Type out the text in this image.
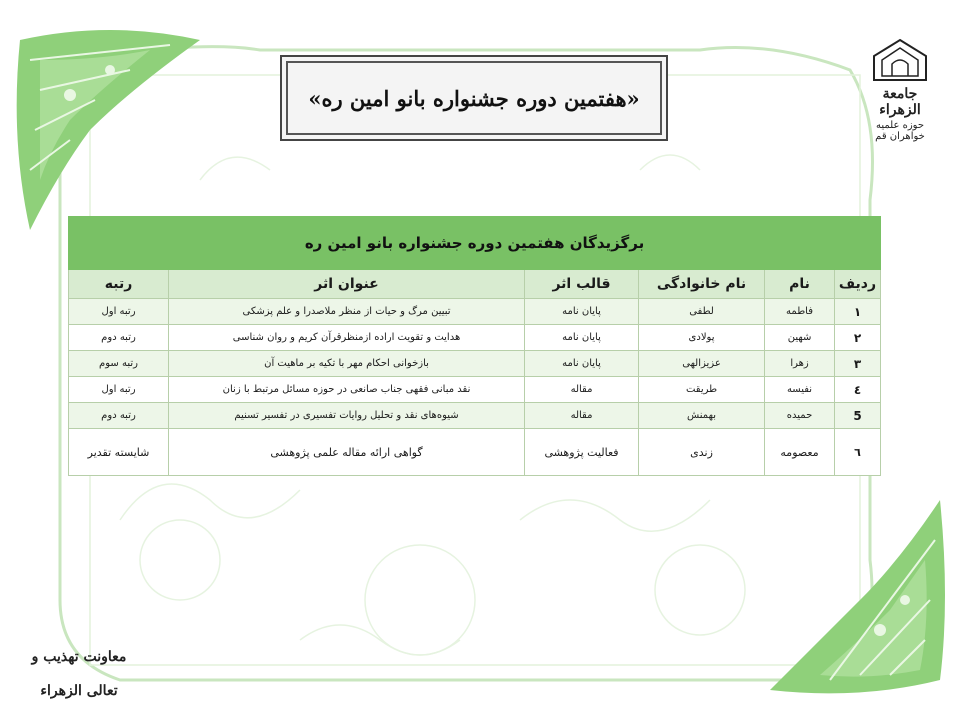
جامعة
الزهراء
حوزه علمیه خواهران قم
«هفتمین دوره جشنواره بانو امین ره»
برگزیدگان هفتمین دوره جشنواره بانو امین ره					
ردیف	نام	نام خانوادگی	قالب اثر	عنوان اثر	رتبه
۱	فاطمه	لطفی	پایان نامه	تبیین مرگ و حیات از منظر ملاصدرا و علم پزشکی	رتبه اول
۲	شهین	پولادی	پایان نامه	هدایت و تقویت اراده ازمنظرقرآن کریم و روان شناسی	رتبه دوم
۳	زهرا	عزیزالهی	پایان نامه	بازخوانی احکام مهر با تکیه بر ماهیت آن	رتبه سوم
٤	نفیسه	طریقت	مقاله	نقد مبانی فقهی جناب صانعی در حوزه مسائل مرتبط با زنان	رتبه اول
5	حمیده	بهمنش	مقاله	شیوه‌های نقد و تحلیل روایات تفسیری در تفسیر تسنیم	رتبه دوم
٦	معصومه	زندی	فعالیت پژوهشی	گواهی ارائه مقاله علمی پژوهشی	شایسته تقدیر
معاونت تهذیب و تعالی الزهراء
